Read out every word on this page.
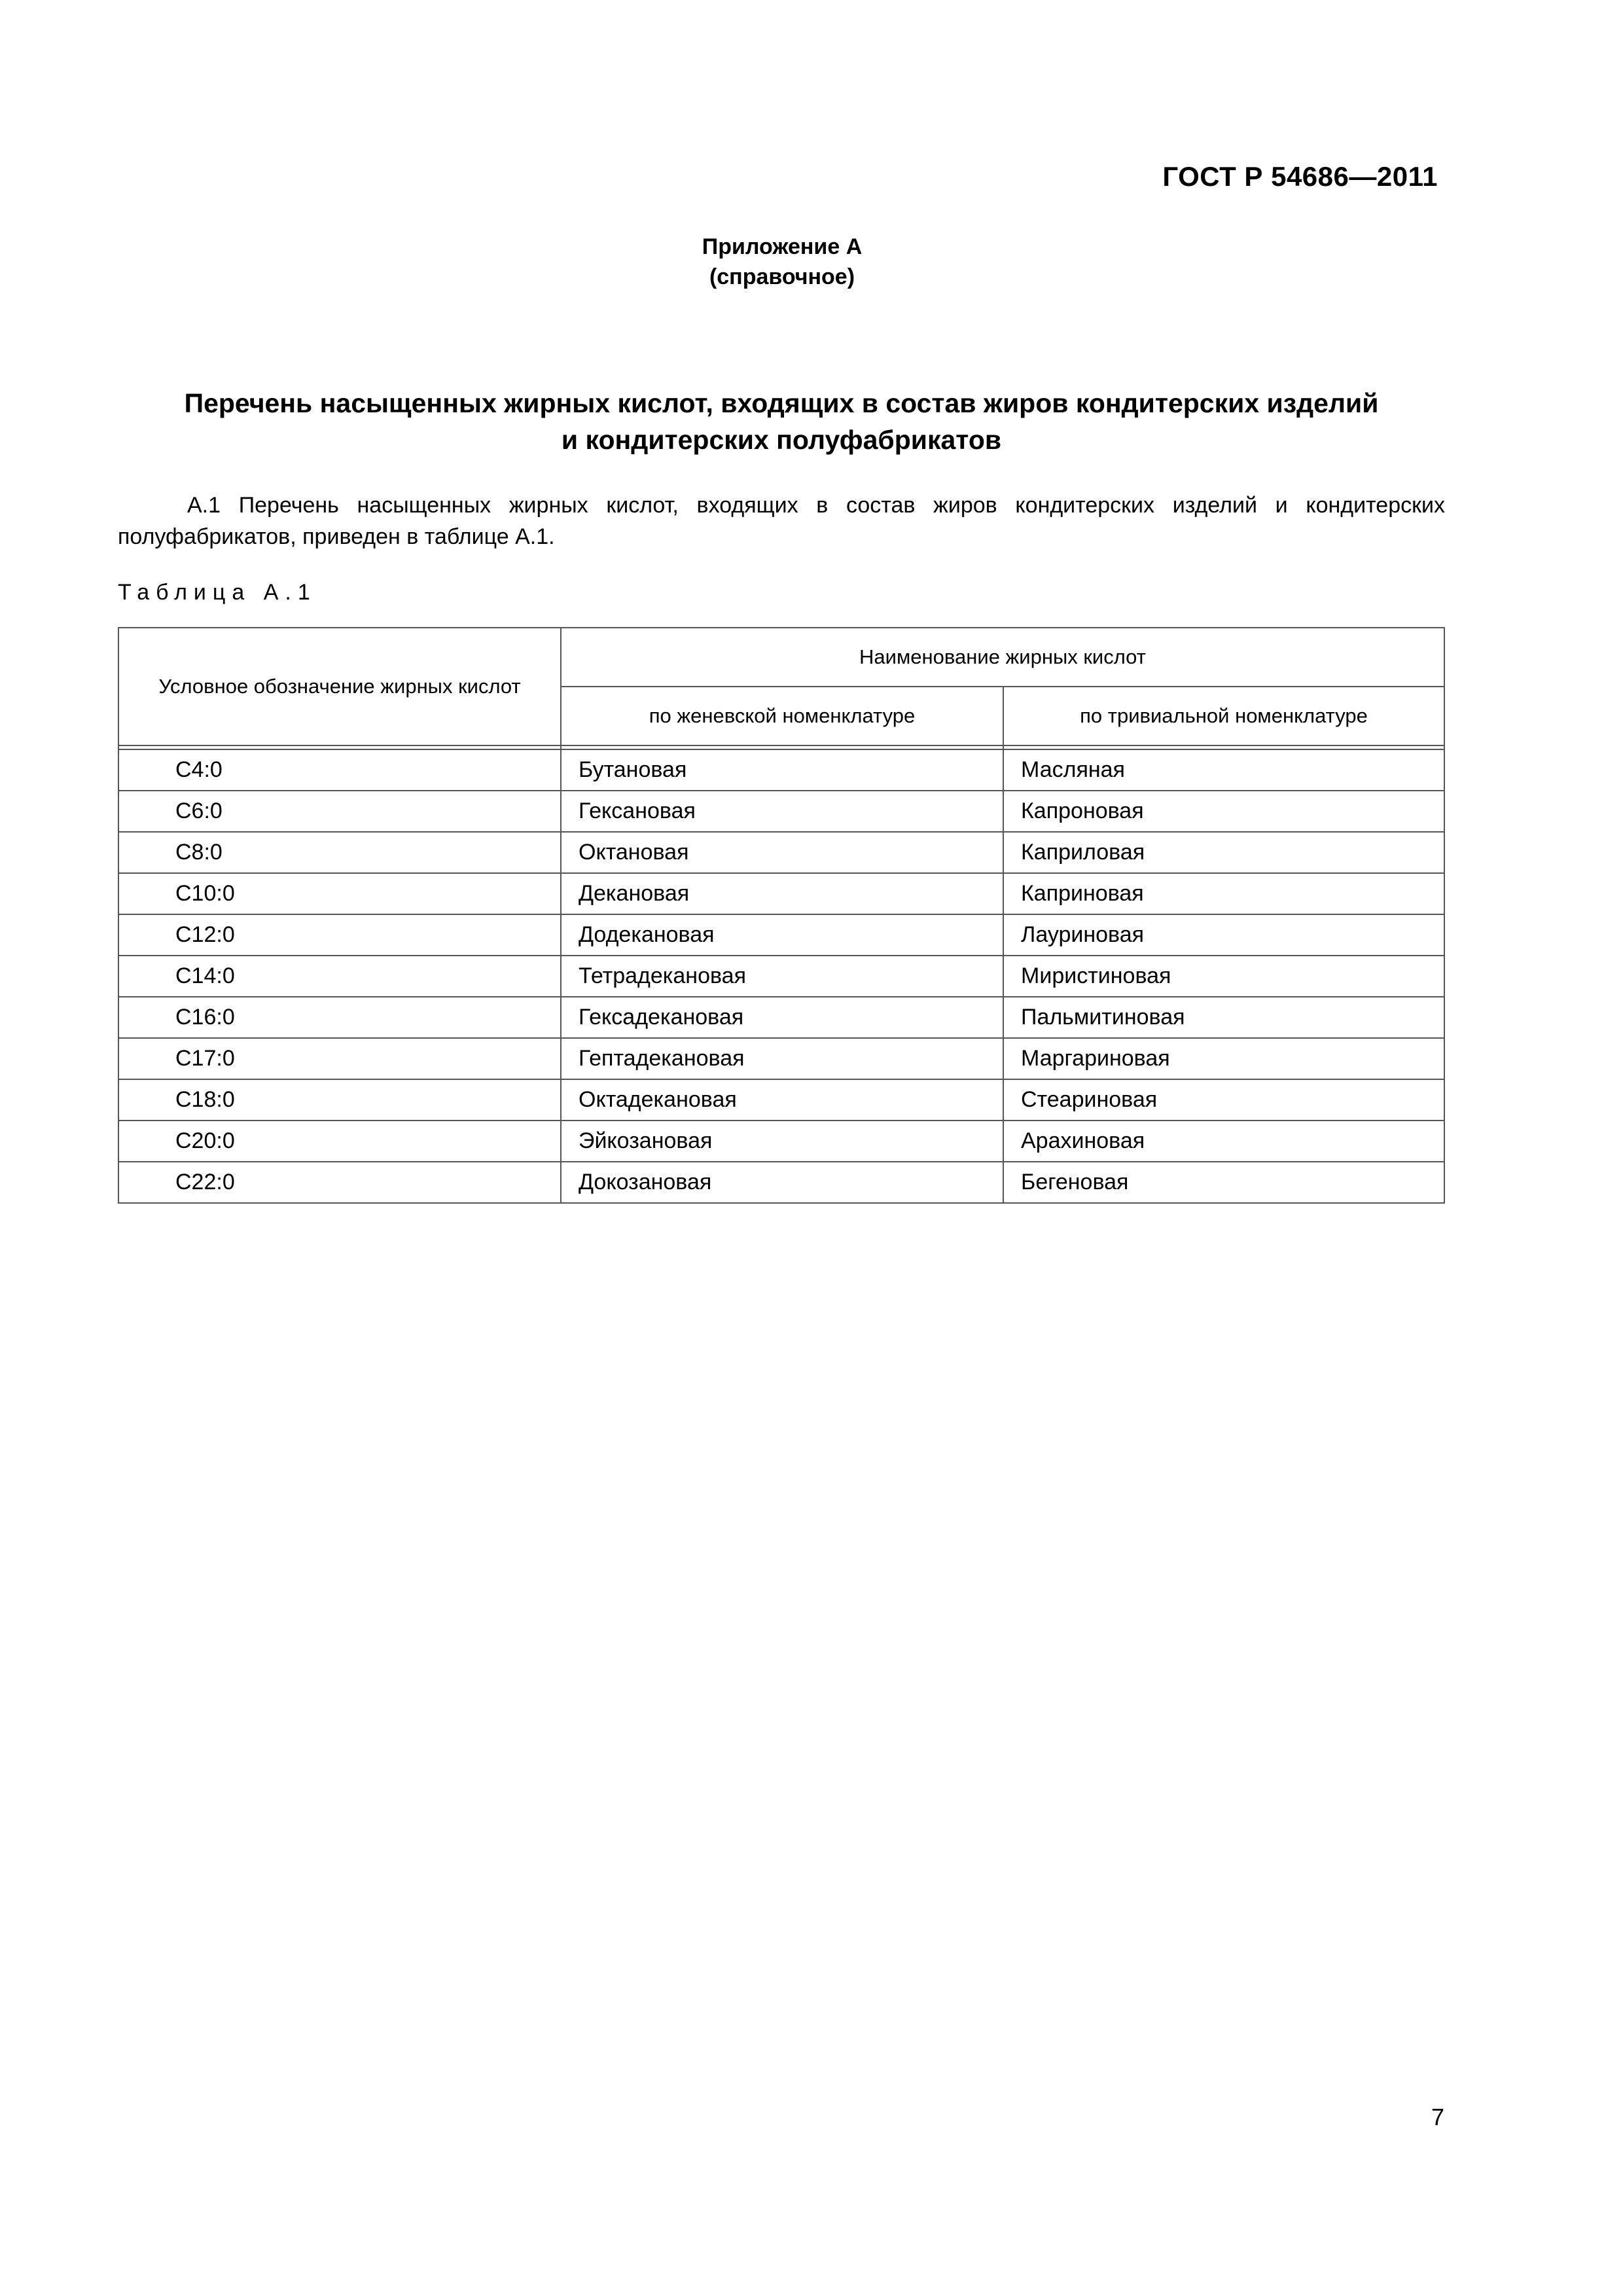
ГОСТ Р 54686—2011
Приложение А
(справочное)
Перечень насыщенных жирных кислот, входящих в состав жиров кондитерских изделий
и кондитерских полуфабрикатов
А.1 Перечень насыщенных жирных кислот, входящих в состав жиров кондитерских изделий и кондитерских
полуфабрикатов, приведен в таблице А.1.
Таблица А.1
Условное обозначение жирных кислот	Наименование жирных кислот	
	по женевской номенклатуре	по тривиальной номенклатуре

С4:0	Бутановая	Масляная
С6:0	Гексановая	Капроновая
С8:0	Октановая	Каприловая
С10:0	Декановая	Каприновая
С12:0	Додекановая	Лауриновая
С14:0	Тетрадекановая	Миристиновая
С16:0	Гексадекановая	Пальмитиновая
С17:0	Гептадекановая	Маргариновая
С18:0	Октадекановая	Стеариновая
С20:0	Эйкозановая	Арахиновая
С22:0	Докозановая	Бегеновая
7
